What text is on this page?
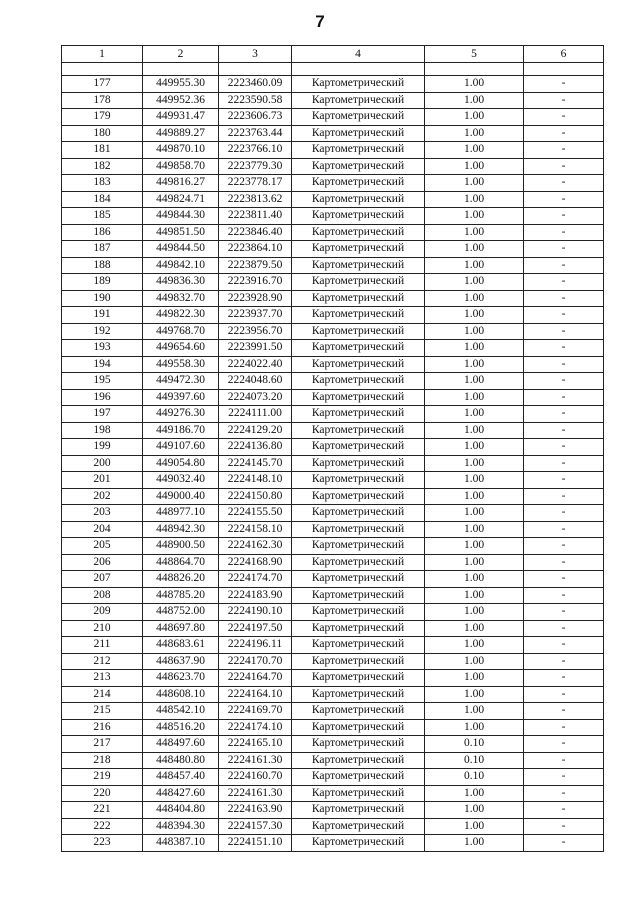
7
1	2	3	4	5	6

177	449955.30	2223460.09	Картометрический	1.00	-
178	449952.36	2223590.58	Картометрический	1.00	-
179	449931.47	2223606.73	Картометрический	1.00	-
180	449889.27	2223763.44	Картометрический	1.00	-
181	449870.10	2223766.10	Картометрический	1.00	-
182	449858.70	2223779.30	Картометрический	1.00	-
183	449816.27	2223778.17	Картометрический	1.00	-
184	449824.71	2223813.62	Картометрический	1.00	-
185	449844.30	2223811.40	Картометрический	1.00	-
186	449851.50	2223846.40	Картометрический	1.00	-
187	449844.50	2223864.10	Картометрический	1.00	-
188	449842.10	2223879.50	Картометрический	1.00	-
189	449836.30	2223916.70	Картометрический	1.00	-
190	449832.70	2223928.90	Картометрический	1.00	-
191	449822.30	2223937.70	Картометрический	1.00	-
192	449768.70	2223956.70	Картометрический	1.00	-
193	449654.60	2223991.50	Картометрический	1.00	-
194	449558.30	2224022.40	Картометрический	1.00	-
195	449472.30	2224048.60	Картометрический	1.00	-
196	449397.60	2224073.20	Картометрический	1.00	-
197	449276.30	2224111.00	Картометрический	1.00	-
198	449186.70	2224129.20	Картометрический	1.00	-
199	449107.60	2224136.80	Картометрический	1.00	-
200	449054.80	2224145.70	Картометрический	1.00	-
201	449032.40	2224148.10	Картометрический	1.00	-
202	449000.40	2224150.80	Картометрический	1.00	-
203	448977.10	2224155.50	Картометрический	1.00	-
204	448942.30	2224158.10	Картометрический	1.00	-
205	448900.50	2224162.30	Картометрический	1.00	-
206	448864.70	2224168.90	Картометрический	1.00	-
207	448826.20	2224174.70	Картометрический	1.00	-
208	448785.20	2224183.90	Картометрический	1.00	-
209	448752.00	2224190.10	Картометрический	1.00	-
210	448697.80	2224197.50	Картометрический	1.00	-
211	448683.61	2224196.11	Картометрический	1.00	-
212	448637.90	2224170.70	Картометрический	1.00	-
213	448623.70	2224164.70	Картометрический	1.00	-
214	448608.10	2224164.10	Картометрический	1.00	-
215	448542.10	2224169.70	Картометрический	1.00	-
216	448516.20	2224174.10	Картометрический	1.00	-
217	448497.60	2224165.10	Картометрический	0.10	-
218	448480.80	2224161.30	Картометрический	0.10	-
219	448457.40	2224160.70	Картометрический	0.10	-
220	448427.60	2224161.30	Картометрический	1.00	-
221	448404.80	2224163.90	Картометрический	1.00	-
222	448394.30	2224157.30	Картометрический	1.00	-
223	448387.10	2224151.10	Картометрический	1.00	-
